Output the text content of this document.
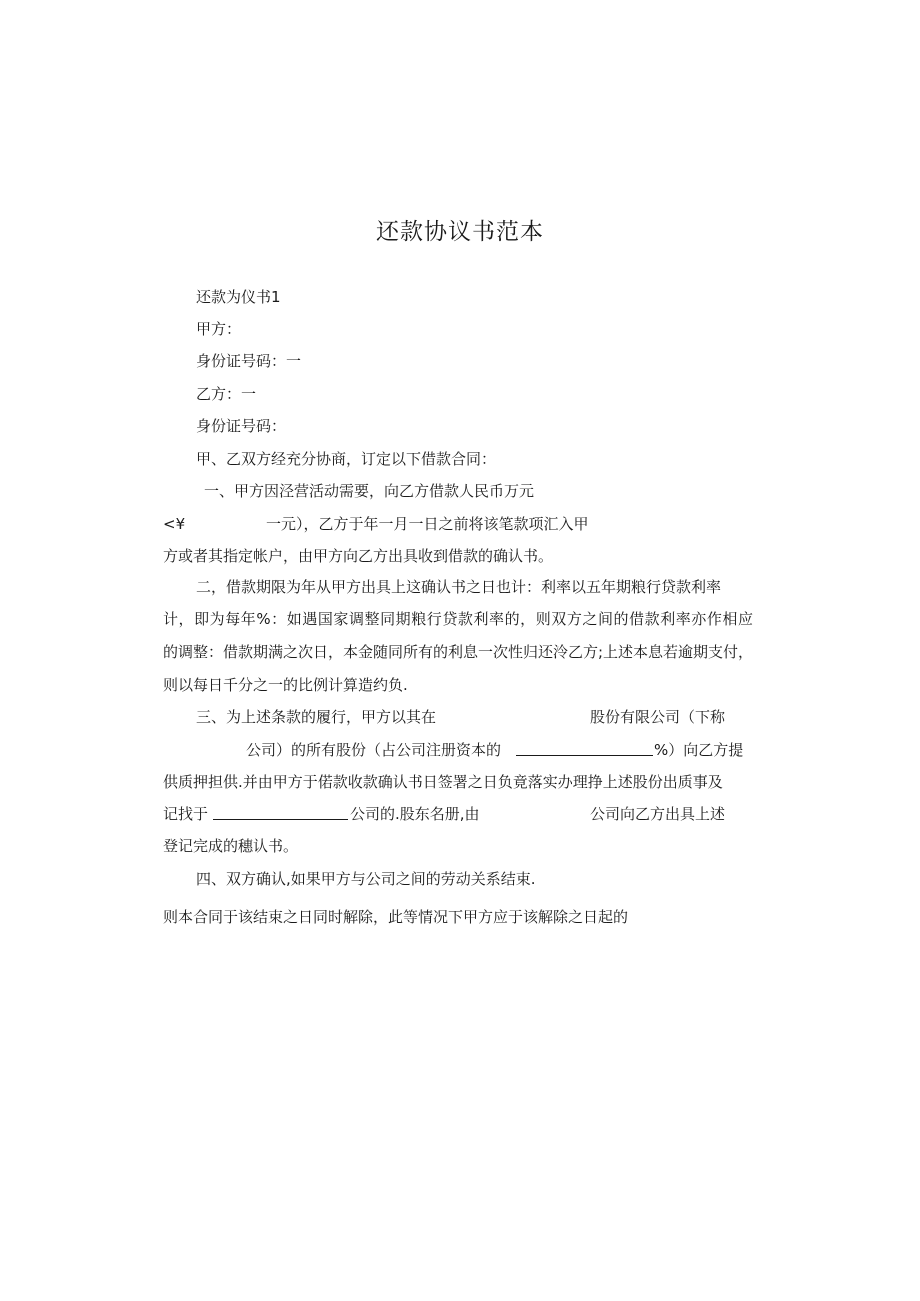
还款协议书范本
还款为仪书1
甲方：
身份证号码：一
乙方：一
身份证号码：
甲、乙双方经充分协商，订定以下借款合同：
一、甲方因泾营活动需要，向乙方借款人民币万元
<¥	一元），乙方于年一月一日之前将该笔款项汇入甲
方或者其指定帐户，由甲方向乙方出具收到借款的确认书。
二，借款期限为年从甲方出具上这确认书之日也计：利率以五年期粮行贷款利率
计，即为每年%：如遇国家调整同期粮行贷款利率的，则双方之间的借款利率亦作相应
的调整：借款期满之次日，本金随同所有的利息一次性归还泠乙方;上述本息若逾期支付，
则以每日千分之一的比例计算造约负.
三、为上述条款的履行，甲方以其在	股份有限公司（下称
公司）的所有股份（占公司注册资本的	%）向乙方提
供质押担供.并由甲方于偌款收款确认书日签署之日负竟落实办理挣上述股份出质事及
记找于	公司的.股东名册,由	公司向乙方出具上述
登记完成的穗认书。
四、双方确认,如果甲方与公司之间的劳动关系结束.
则本合同于该结束之日同时解除，此等情况下甲方应于该解除之日起的
